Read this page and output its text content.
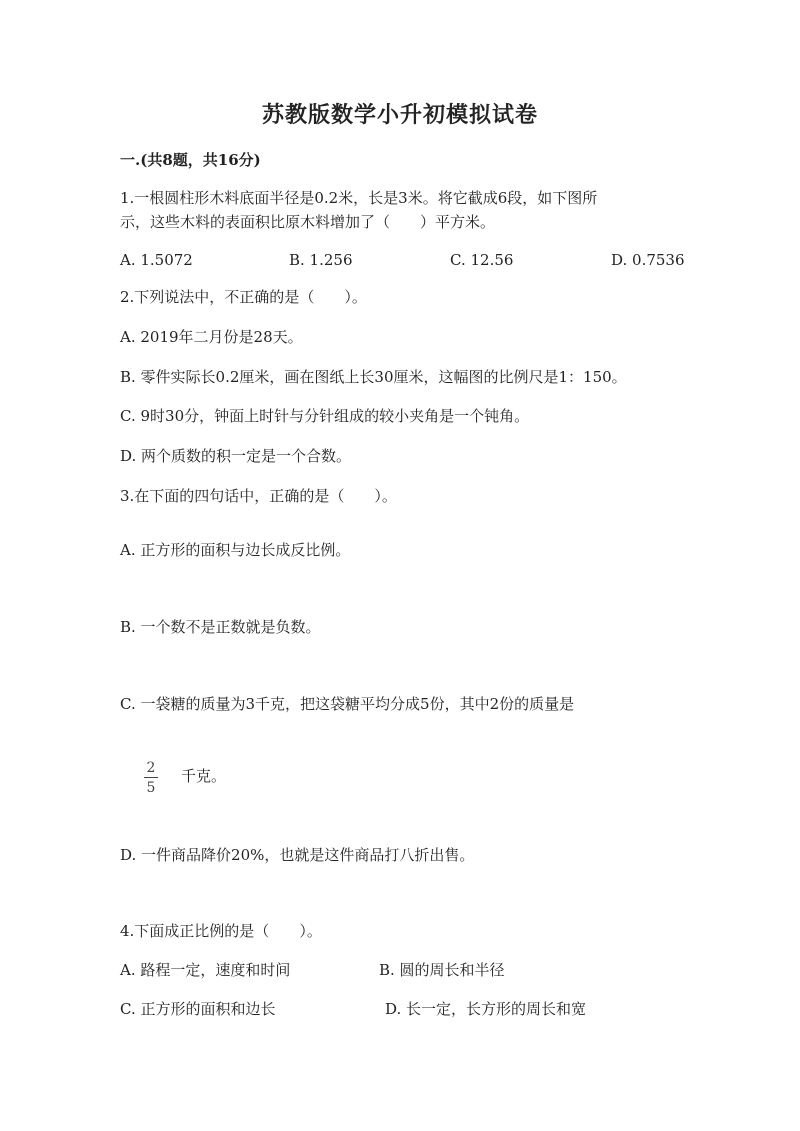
苏教版数学小升初模拟试卷
一.(共8题，共16分)
1.一根圆柱形木料底面半径是0.2米，长是3米。将它截成6段，如下图所
示，这些木料的表面积比原木料增加了（　　）平方米。
A. 1.5072	B. 1.256	C. 12.56	D. 0.7536
2.下列说法中，不正确的是（　　）。
A. 2019年二月份是28天。
B. 零件实际长0.2厘米，画在图纸上长30厘米，这幅图的比例尺是1：150。
C. 9时30分，钟面上时针与分针组成的较小夹角是一个钝角。
D. 两个质数的积一定是一个合数。
3.在下面的四句话中，正确的是（　　）。
A. 正方形的面积与边长成反比例。
B. 一个数不是正数就是负数。
C. 一袋糖的质量为3千克，把这袋糖平均分成5份，其中2份的质量是
2
5
千克。
D. 一件商品降价20%，也就是这件商品打八折出售。
4.下面成正比例的是（　　）。
A. 路程一定，速度和时间	B. 圆的周长和半径
C. 正方形的面积和边长	D. 长一定，长方形的周长和宽
